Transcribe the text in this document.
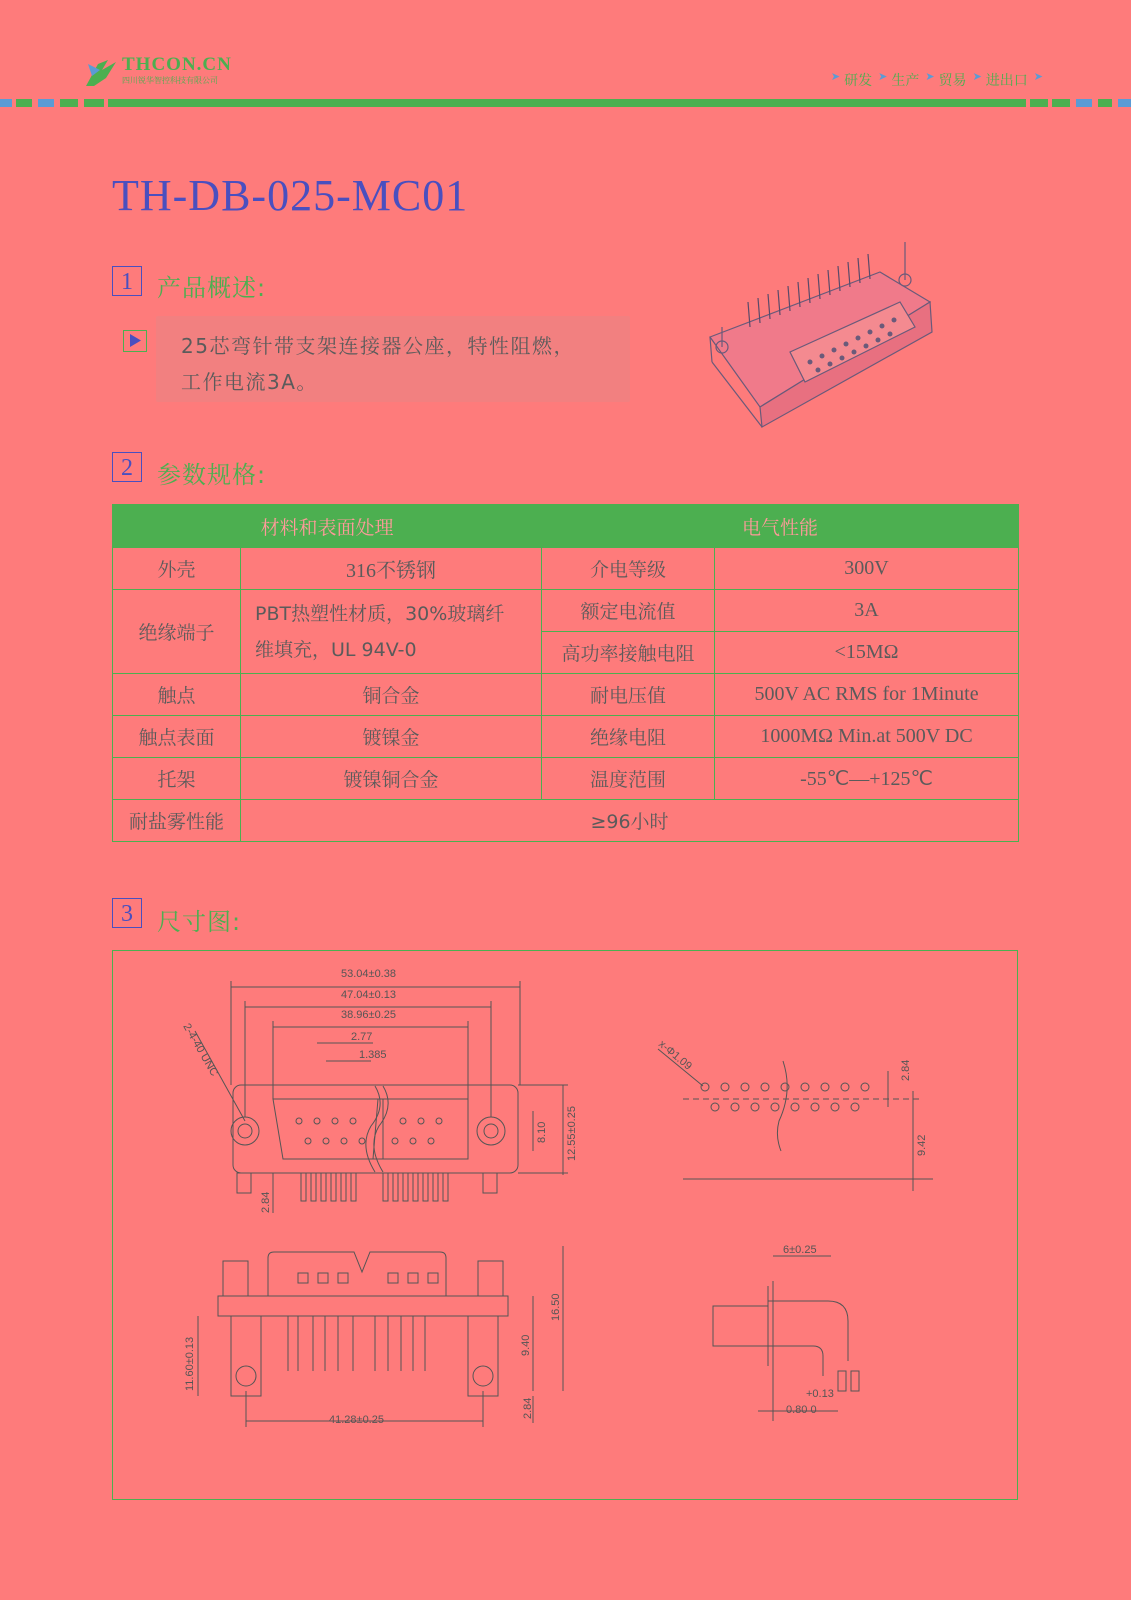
THCON.CN
四川锐华智控科技有限公司	➤ 研发 ➤ 生产 ➤ 贸易 ➤ 进出口 ➤
TH-DB-025-MC01
1	产品概述:
25芯弯针带支架连接器公座，特性阻燃，
工作电流3A。
2	参数规格:
材料和表面处理		电气性能	
外壳	316不锈钢	介电等级	300V
绝缘端子	PBT热塑性材质，30%玻璃纤
维填充，UL 94V-0	额定电流值	3A
		高功率接触电阻	<15MΩ
触点	铜合金	耐电压值	500V AC RMS for 1Minute
触点表面	镀镍金	绝缘电阻	1000MΩ Min.at 500V DC
托架	镀镍铜合金	温度范围	-55℃—+125℃
耐盐雾性能	≥96小时		
3	尺寸图:
53.04±0.38
47.04±0.13
38.96±0.25
2.77
1.385
2-4-40 UNC
8.10 12.55±0.25
2.84
x-Φ1.09	2.84
9.42
16.50
9.40
11.60±0.13
2.84
41.28±0.25
6±0.25
+0.13
0.80 0
